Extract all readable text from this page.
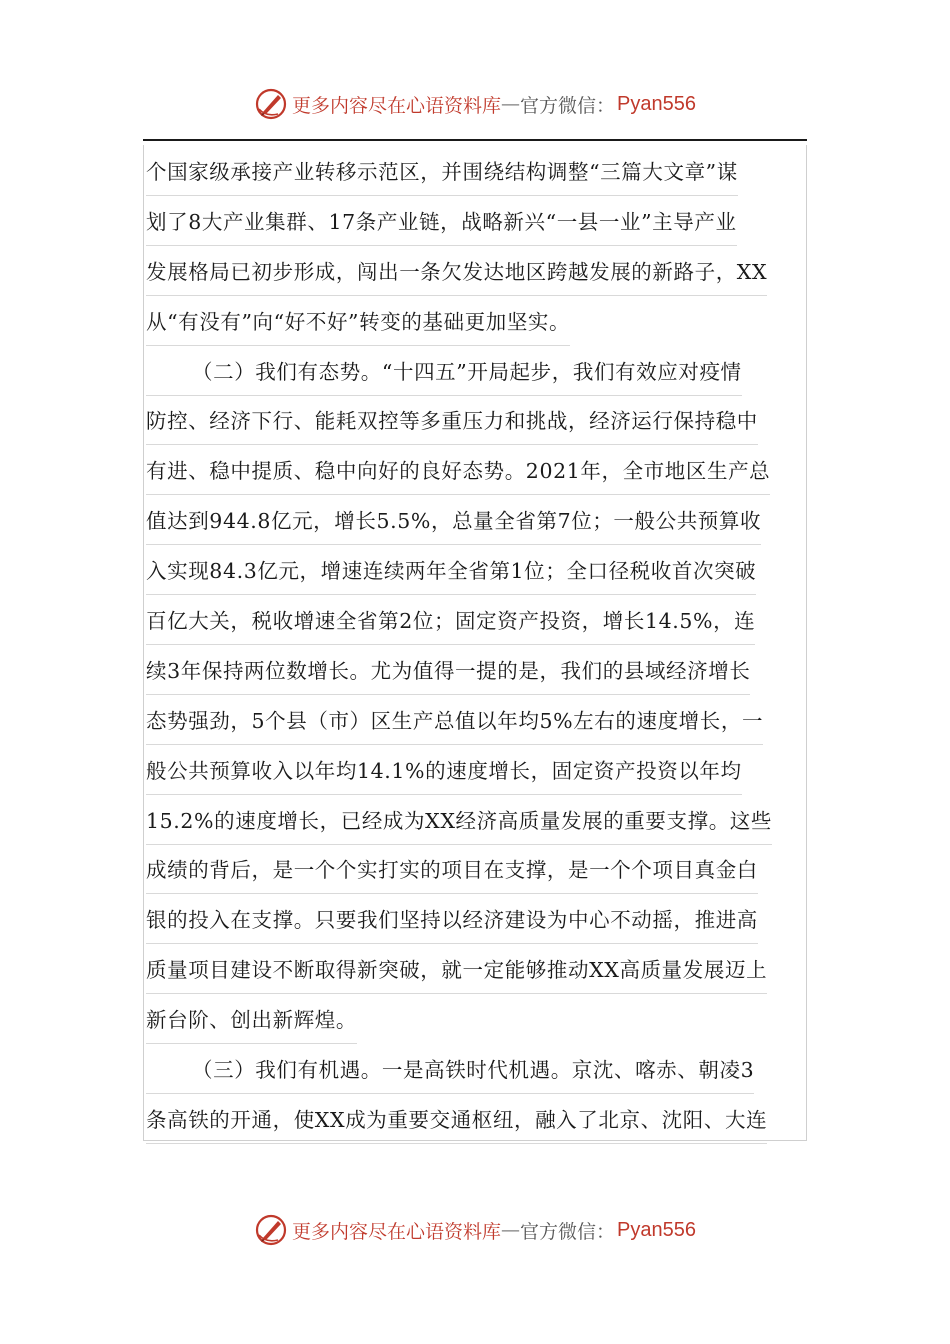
更多内容尽在心语资料库 — 官方微信： Pyan556
个国家级承接产业转移示范区，并围绕结构调整“三篇大文章”谋
划了8大产业集群、17条产业链，战略新兴“一县一业”主导产业
发展格局已初步形成，闯出一条欠发达地区跨越发展的新路子，XX
从“有没有”向“好不好”转变的基础更加坚实。
（二）我们有态势。“十四五”开局起步，我们有效应对疫情
防控、经济下行、能耗双控等多重压力和挑战，经济运行保持稳中
有进、稳中提质、稳中向好的良好态势。2021年，全市地区生产总
值达到944.8亿元，增长5.5%，总量全省第7位；一般公共预算收
入实现84.3亿元，增速连续两年全省第1位；全口径税收首次突破
百亿大关，税收增速全省第2位；固定资产投资，增长14.5%，连
续3年保持两位数增长。尤为值得一提的是，我们的县域经济增长
态势强劲，5个县（市）区生产总值以年均5%左右的速度增长，一
般公共预算收入以年均14.1%的速度增长，固定资产投资以年均
15.2%的速度增长，已经成为XX经济高质量发展的重要支撑。这些
成绩的背后，是一个个实打实的项目在支撑，是一个个项目真金白
银的投入在支撑。只要我们坚持以经济建设为中心不动摇，推进高
质量项目建设不断取得新突破，就一定能够推动XX高质量发展迈上
新台阶、创出新辉煌。
（三）我们有机遇。一是高铁时代机遇。京沈、喀赤、朝凌3
条高铁的开通，使XX成为重要交通枢纽，融入了北京、沈阳、大连
更多内容尽在心语资料库 — 官方微信： Pyan556
